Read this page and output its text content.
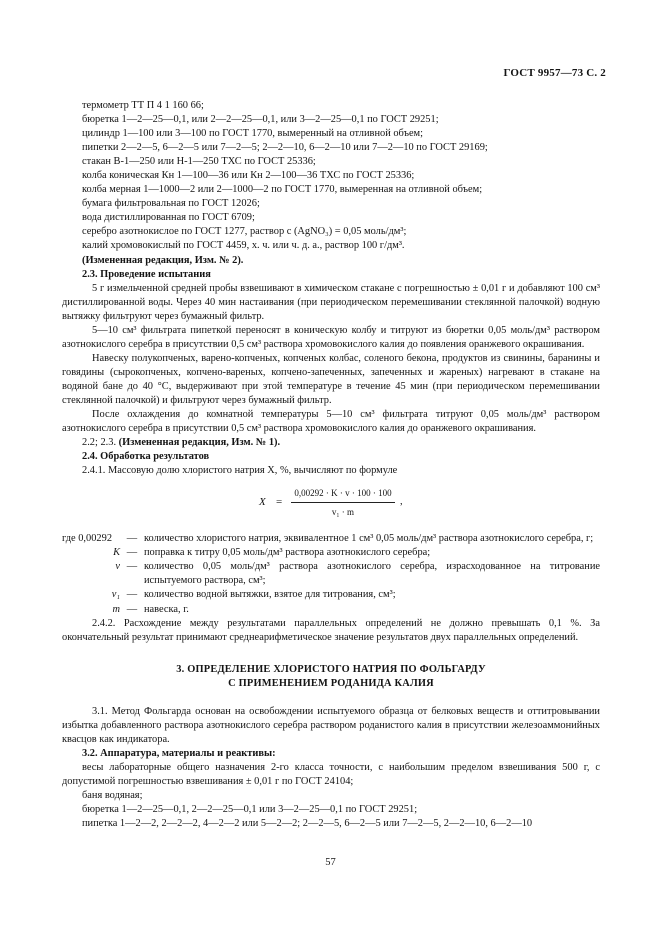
ГОСТ 9957—73 С. 2

термометр ТТ П 4 1 160 66;

бюретка 1—2—25—0,1, или 2—2—25—0,1, или 3—2—25—0,1 по ГОСТ 29251;

цилиндр 1—100 или 3—100 по ГОСТ 1770, вымеренный на отливной объем;

пипетки 2—2—5, 6—2—5 или 7—2—5; 2—2—10, 6—2—10 или 7—2—10 по ГОСТ 29169;

стакан В-1—250 или Н-1—250 ТХС по ГОСТ 25336;

колба коническая Кн 1—100—36 или Кн 2—100—36 ТХС по ГОСТ 25336;

колба мерная 1—1000—2 или 2—1000—2 по ГОСТ 1770, вымеренная на отливной объем;

бумага фильтровальная по ГОСТ 12026;

вода дистиллированная по ГОСТ 6709;

серебро азотнокислое по ГОСТ 1277, раствор c (AgNO₃) = 0,05 моль/дм³;

калий хромовокислый по ГОСТ 4459, х. ч. или ч. д. а., раствор 100 г/дм³.

(Измененная редакция, Изм. № 2).

2.3. Проведение испытания

5 г измельченной средней пробы взвешивают в химическом стакане с погрешностью ± 0,01 г и добавляют 100 см³ дистиллированной воды. Через 40 мин настаивания (при периодическом перемешивании стеклянной палочкой) водную вытяжку фильтруют через бумажный фильтр.

5—10 см³ фильтрата пипеткой переносят в коническую колбу и титруют из бюретки 0,05 моль/дм³ раствором азотнокислого серебра в присутствии 0,5 см³ раствора хромовокислого калия до появления оранжевого окрашивания.

Навеску полукопченых, варено-копченых, копченых колбас, соленого бекона, продуктов из свинины, баранины и говядины (сырокопченых, копчено-вареных, копчено-запеченных, запеченных и жареных) нагревают в стакане на водяной бане до 40 °С, выдерживают при этой температуре в течение 45 мин (при периодическом перемешивании стеклянной палочкой) и фильтруют через бумажный фильтр.

После охлаждения до комнатной температуры 5—10 см³ фильтрата титруют 0,05 моль/дм³ раствором азотнокислого серебра в присутствии 0,5 см³ раствора хромовокислого калия до оранжевого окрашивания.

2.2; 2.3. (Измененная редакция, Изм. № 1).

2.4. Обработка результатов

2.4.1. Массовую долю хлористого натрия X, %, вычисляют по формуле

$X = \frac{0,00292 \cdot K \cdot v \cdot 100 \cdot 100}{\text{v₁ · m}}$ ,
где 0,00292	— количество хлористого натрия, эквивалентное 1 см³ 0,05 моль/дм³ раствора азотнокислого серебра, г;
K — поправка к титру 0,05 моль/дм³ раствора азотнокислого серебра;
v — количество 0,05 моль/дм³ раствора азотнокислого серебра, израсходованное на титрование испытуемого раствора, см³;
v₁ — количество водной вытяжки, взятое для титрования, см³;
m — навеска, г.

2.4.2. Расхождение между результатами параллельных определений не должно превышать 0,1 %. За окончательный результат принимают среднеарифметическое значение результатов двух параллельных определений.

3. ОПРЕДЕЛЕНИЕ ХЛОРИСТОГО НАТРИЯ ПО ФОЛЬГАРДУ
С ПРИМЕНЕНИЕМ РОДАНИДА КАЛИЯ

3.1. Метод Фольгарда основан на освобождении испытуемого образца от белковых веществ и оттитровывании избытка добавленного раствора азотнокислого серебра раствором роданистого калия в присутствии железоаммонийных квасцов как индикатора.

3.2. Аппаратура, материалы и реактивы:

весы лабораторные общего назначения 2-го класса точности, с наибольшим пределом взвешивания 500 г, с допустимой погрешностью взвешивания ± 0,01 г по ГОСТ 24104;

баня водяная;

бюретка 1—2—25—0,1, 2—2—25—0,1 или 3—2—25—0,1 по ГОСТ 29251;

пипетка 1—2—2, 2—2—2, 4—2—2 или 5—2—2; 2—2—5, 6—2—5 или 7—2—5, 2—2—10, 6—2—10

57
